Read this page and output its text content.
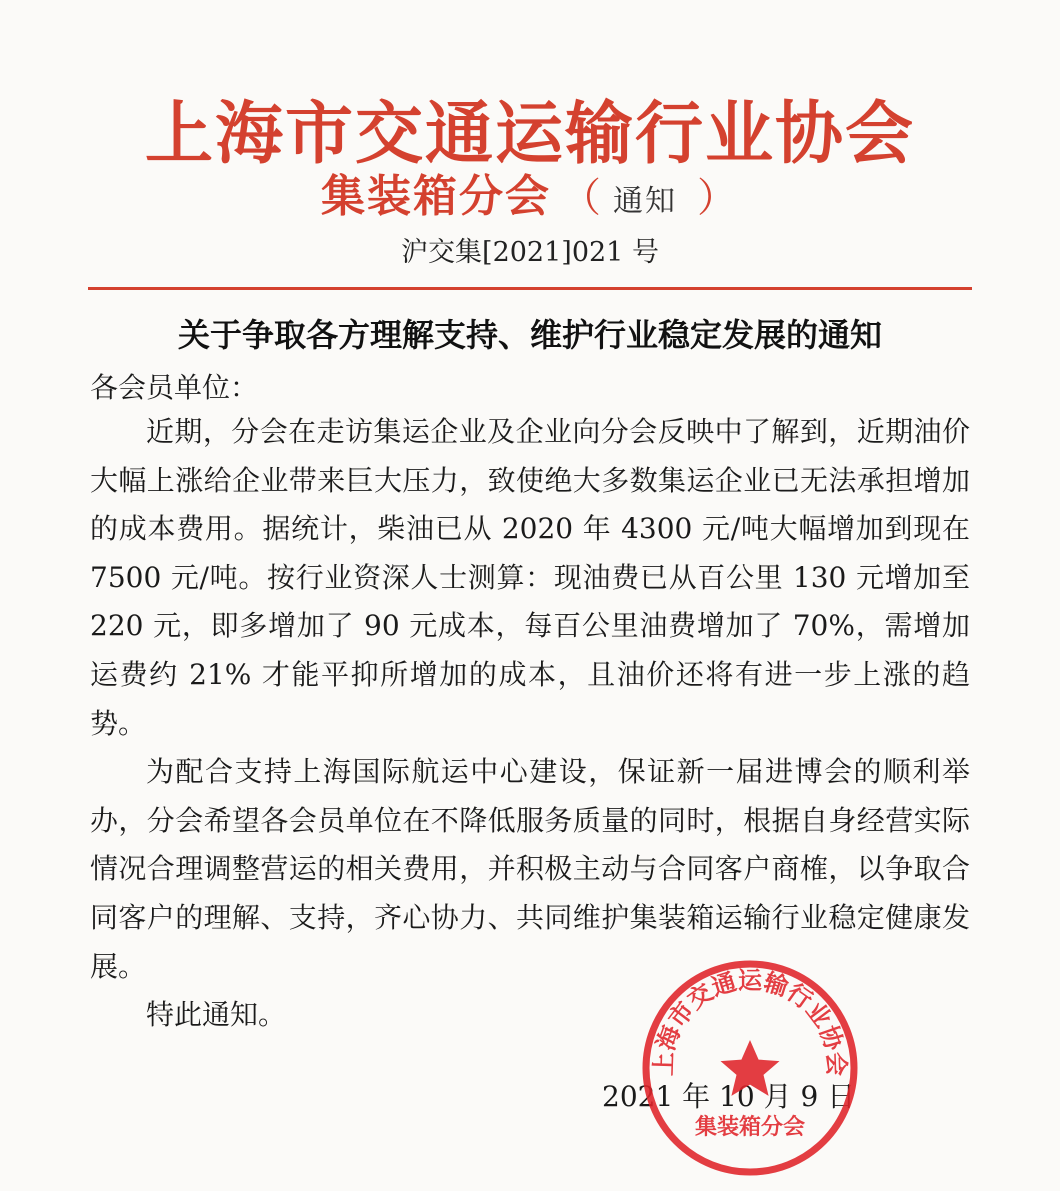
上海市交通运输行业协会
集装箱分会 （ 通知 ）
沪交集[2021]021 号
关于争取各方理解支持、维护行业稳定发展的通知
各会员单位：

近期，分会在走访集运企业及企业向分会反映中了解到，近期油价大幅上涨给企业带来巨大压力，致使绝大多数集运企业已无法承担增加的成本费用。据统计，柴油已从 2020 年 4300 元/吨大幅增加到现在 7500 元/吨。按行业资深人士测算：现油费已从百公里 130 元增加至 220 元，即多增加了 90 元成本，每百公里油费增加了 70%，需增加运费约 21% 才能平抑所增加的成本，且油价还将有进一步上涨的趋势。

为配合支持上海国际航运中心建设，保证新一届进博会的顺利举办，分会希望各会员单位在不降低服务质量的同时，根据自身经营实际情况合理调整营运的相关费用，并积极主动与合同客户商榷，以争取合同客户的理解、支持，齐心协力、共同维护集装箱运输行业稳定健康发展。

特此通知。

2021 年 10 月 9 日
上海市交通运输行业协会
集装箱分会
